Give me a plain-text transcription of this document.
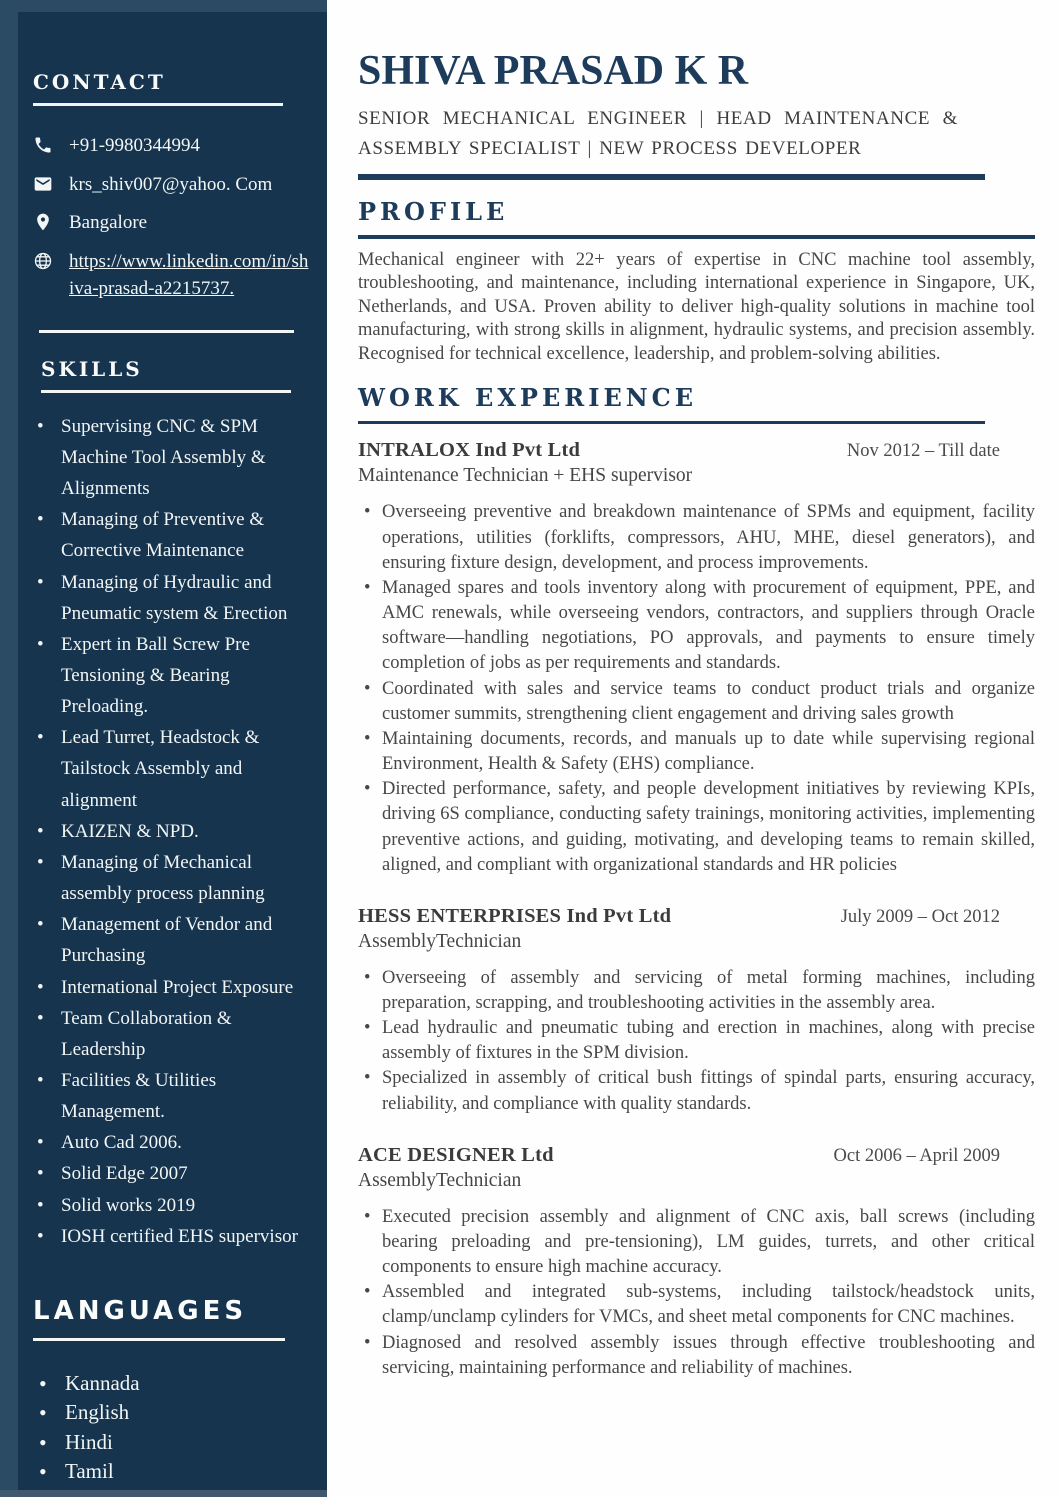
CONTACT
+91-9980344994
krs_shiv007@yahoo. Com
Bangalore
https://www.linkedin.com/in/shiva-prasad-a2215737.
SKILLS
• Supervising CNC & SPM Machine Tool Assembly & Alignments
• Managing of Preventive & Corrective Maintenance
• Managing of Hydraulic and Pneumatic system & Erection
• Expert in Ball Screw Pre Tensioning & Bearing Preloading.
• Lead Turret, Headstock & Tailstock Assembly and alignment
• KAIZEN & NPD.
• Managing of Mechanical assembly process planning
• Management of Vendor and Purchasing
• International Project Exposure
• Team Collaboration & Leadership
• Facilities & Utilities Management.
• Auto Cad 2006.
• Solid Edge 2007
• Solid works 2019
• IOSH certified EHS supervisor
LANGUAGES
• Kannada
• English
• Hindi
• Tamil
SHIVA PRASAD K R
SENIOR MECHANICAL ENGINEER | HEAD MAINTENANCE & ASSEMBLY SPECIALIST | NEW PROCESS DEVELOPER
PROFILE

Mechanical engineer with 22+ years of expertise in CNC machine tool assembly, troubleshooting, and maintenance, including international experience in Singapore, UK, Netherlands, and USA. Proven ability to deliver high-quality solutions in machine tool manufacturing, with strong skills in alignment, hydraulic systems, and precision assembly. Recognised for technical excellence, leadership, and problem-solving abilities.

WORK EXPERIENCE
INTRALOX Ind Pvt Ltd	Nov 2012 – Till date
Maintenance Technician + EHS supervisor
• Overseeing preventive and breakdown maintenance of SPMs and equipment, facility operations, utilities (forklifts, compressors, AHU, MHE, diesel generators), and ensuring fixture design, development, and process improvements.
• Managed spares and tools inventory along with procurement of equipment, PPE, and AMC renewals, while overseeing vendors, contractors, and suppliers through Oracle software—handling negotiations, PO approvals, and payments to ensure timely completion of jobs as per requirements and standards.
• Coordinated with sales and service teams to conduct product trials and organize customer summits, strengthening client engagement and driving sales growth
• Maintaining documents, records, and manuals up to date while supervising regional Environment, Health & Safety (EHS) compliance.
• Directed performance, safety, and people development initiatives by reviewing KPIs, driving 6S compliance, conducting safety trainings, monitoring activities, implementing preventive actions, and guiding, motivating, and developing teams to remain skilled, aligned, and compliant with organizational standards and HR policies
HESS ENTERPRISES Ind Pvt Ltd	July 2009 – Oct 2012
AssemblyTechnician
• Overseeing of assembly and servicing of metal forming machines, including preparation, scrapping, and troubleshooting activities in the assembly area.
• Lead hydraulic and pneumatic tubing and erection in machines, along with precise assembly of fixtures in the SPM division.
• Specialized in assembly of critical bush fittings of spindal parts, ensuring accuracy, reliability, and compliance with quality standards.
ACE DESIGNER Ltd	Oct 2006 – April 2009
AssemblyTechnician
• Executed precision assembly and alignment of CNC axis, ball screws (including bearing preloading and pre-tensioning), LM guides, turrets, and other critical components to ensure high machine accuracy.
• Assembled and integrated sub-systems, including tailstock/headstock units, clamp/unclamp cylinders for VMCs, and sheet metal components for CNC machines.
• Diagnosed and resolved assembly issues through effective troubleshooting and servicing, maintaining performance and reliability of machines.
